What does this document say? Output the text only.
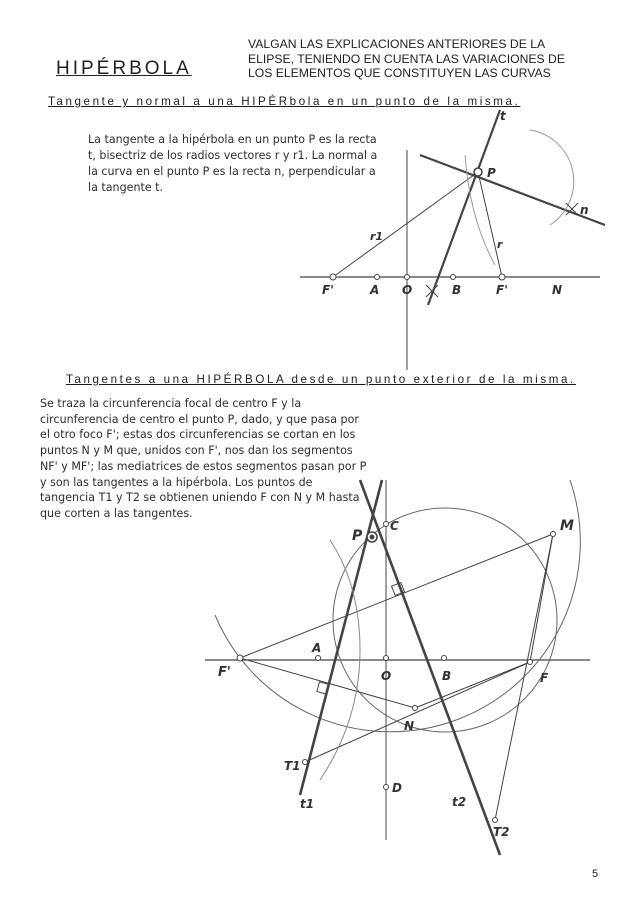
HIPÉRBOLA
VALGAN LAS EXPLICACIONES ANTERIORES DE LA ELIPSE, TENIENDO EN CUENTA LAS VARIACIONES DE LOS ELEMENTOS QUE CONSTITUYEN LAS CURVAS
Tangente y normal a una HIPÉRbola en un punto de la misma.
La tangente a la hipérbola en un punto P es la recta t, bisectriz de los radios vectores r y r1. La normal a la curva en el punto P es la recta n, perpendicular a la tangente t.
t
P
n
r1
r
F'	A O	B	F'	N
Tangentes a una HIPÉRBOLA desde un punto exterior de la misma.
Se traza la circunferencia focal de centro F y la circunferencia de centro el punto P, dado, y que pasa por el otro foco F'; estas dos circunferencias se cortan en los puntos N y M que, unidos con F', nos dan los segmentos NF' y MF'; las mediatrices de estos segmentos pasan por P y son las tangentes a la hipérbola. Los puntos de tangencia T1 y T2 se obtienen uniendo F con N y M hasta que corten a las tangentes.
P
C	M
A
O	B	F
F'
N
T1
t1
D
t2
T2
5
